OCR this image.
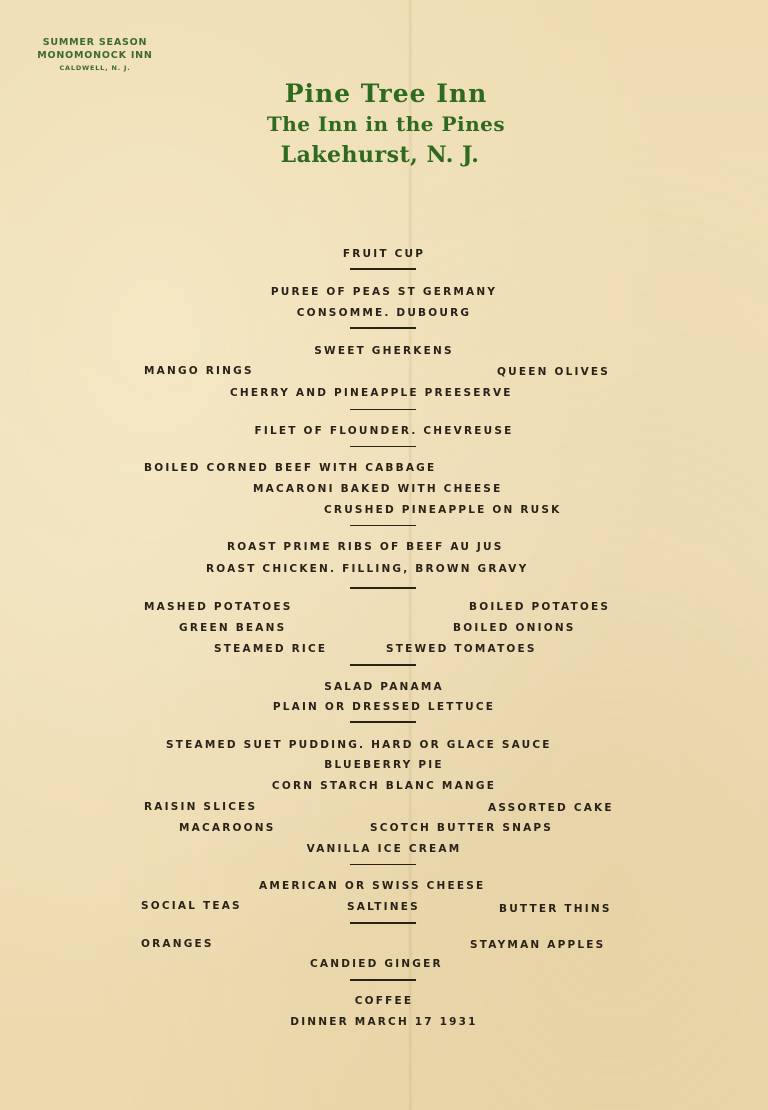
SUMMER SEASON
MONOMONOCK INN
CALDWELL, N. J.
Pine Tree Inn
The Inn in the Pines
Lakehurst, N. J.
FRUIT CUP
PUREE OF PEAS ST GERMANY
CONSOMME. DUBOURG
SWEET GHERKENS
MANGO RINGS	QUEEN OLIVES
CHERRY AND PINEAPPLE PREESERVE
FILET OF FLOUNDER. CHEVREUSE
BOILED CORNED BEEF WITH CABBAGE
MACARONI BAKED WITH CHEESE
CRUSHED PINEAPPLE ON RUSK
ROAST PRIME RIBS OF BEEF AU JUS
ROAST CHICKEN. FILLING, BROWN GRAVY
MASHED POTATOES	BOILED POTATOES
GREEN BEANS	BOILED ONIONS
STEAMED RICE	STEWED TOMATOES
SALAD PANAMA
PLAIN OR DRESSED LETTUCE
STEAMED SUET PUDDING. HARD OR GLACE SAUCE
BLUEBERRY PIE
CORN STARCH BLANC MANGE
RAISIN SLICES	ASSORTED CAKE
MACAROONS	SCOTCH BUTTER SNAPS
VANILLA ICE CREAM
AMERICAN OR SWISS CHEESE
SOCIAL TEAS	SALTINES	BUTTER THINS
ORANGES	STAYMAN APPLES
CANDIED GINGER
COFFEE
DINNER MARCH 17 1931
